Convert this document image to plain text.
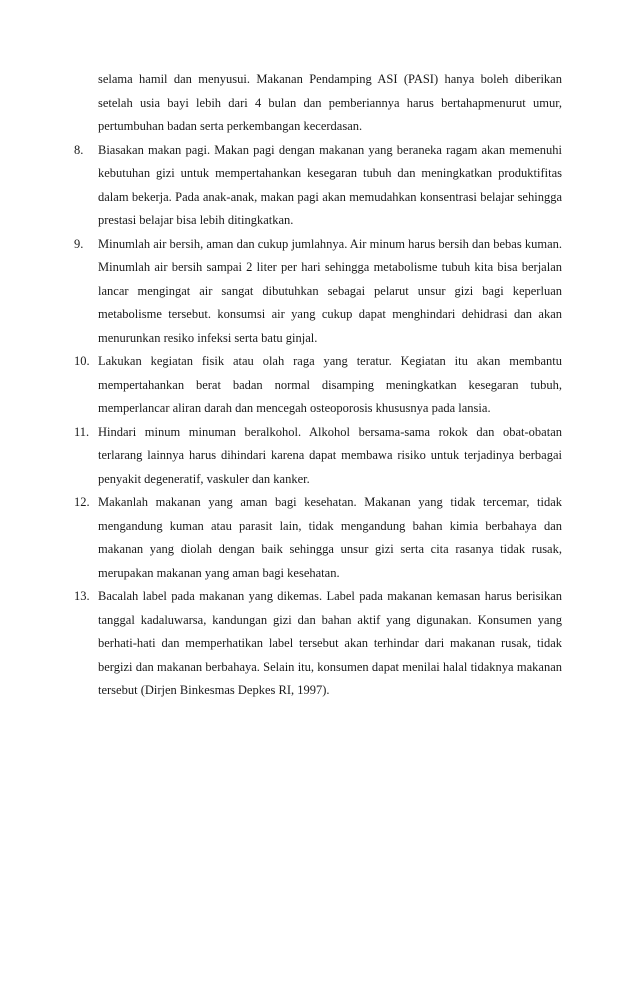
selama hamil dan menyusui. Makanan Pendamping ASI (PASI) hanya boleh diberikan setelah usia bayi lebih dari 4 bulan dan pemberiannya harus bertahapmenurut umur, pertumbuhan badan serta perkembangan kecerdasan.

8. Biasakan makan pagi. Makan pagi dengan makanan yang beraneka ragam akan memenuhi kebutuhan gizi untuk mempertahankan kesegaran tubuh dan meningkatkan produktifitas dalam bekerja. Pada anak-anak, makan pagi akan memudahkan konsentrasi belajar sehingga prestasi belajar bisa lebih ditingkatkan.

9. Minumlah air bersih, aman dan cukup jumlahnya. Air minum harus bersih dan bebas kuman. Minumlah air bersih sampai 2 liter per hari sehingga metabolisme tubuh kita bisa berjalan lancar mengingat air sangat dibutuhkan sebagai pelarut unsur gizi bagi keperluan metabolisme tersebut. konsumsi air yang cukup dapat menghindari dehidrasi dan akan menurunkan resiko infeksi serta batu ginjal.

10. Lakukan kegiatan fisik atau olah raga yang teratur. Kegiatan itu akan membantu mempertahankan berat badan normal disamping meningkatkan kesegaran tubuh, memperlancar aliran darah dan mencegah osteoporosis khususnya pada lansia.

11. Hindari minum minuman beralkohol. Alkohol bersama-sama rokok dan obat-obatan terlarang lainnya harus dihindari karena dapat membawa risiko untuk terjadinya berbagai penyakit degeneratif, vaskuler dan kanker.

12. Makanlah makanan yang aman bagi kesehatan. Makanan yang tidak tercemar, tidak mengandung kuman atau parasit lain, tidak mengandung bahan kimia berbahaya dan makanan yang diolah dengan baik sehingga unsur gizi serta cita rasanya tidak rusak, merupakan makanan yang aman bagi kesehatan.

13. Bacalah label pada makanan yang dikemas. Label pada makanan kemasan harus berisikan tanggal kadaluwarsa, kandungan gizi dan bahan aktif yang digunakan. Konsumen yang berhati-hati dan memperhatikan label tersebut akan terhindar dari makanan rusak, tidak bergizi dan makanan berbahaya. Selain itu, konsumen dapat menilai halal tidaknya makanan tersebut (Dirjen Binkesmas Depkes RI, 1997).
